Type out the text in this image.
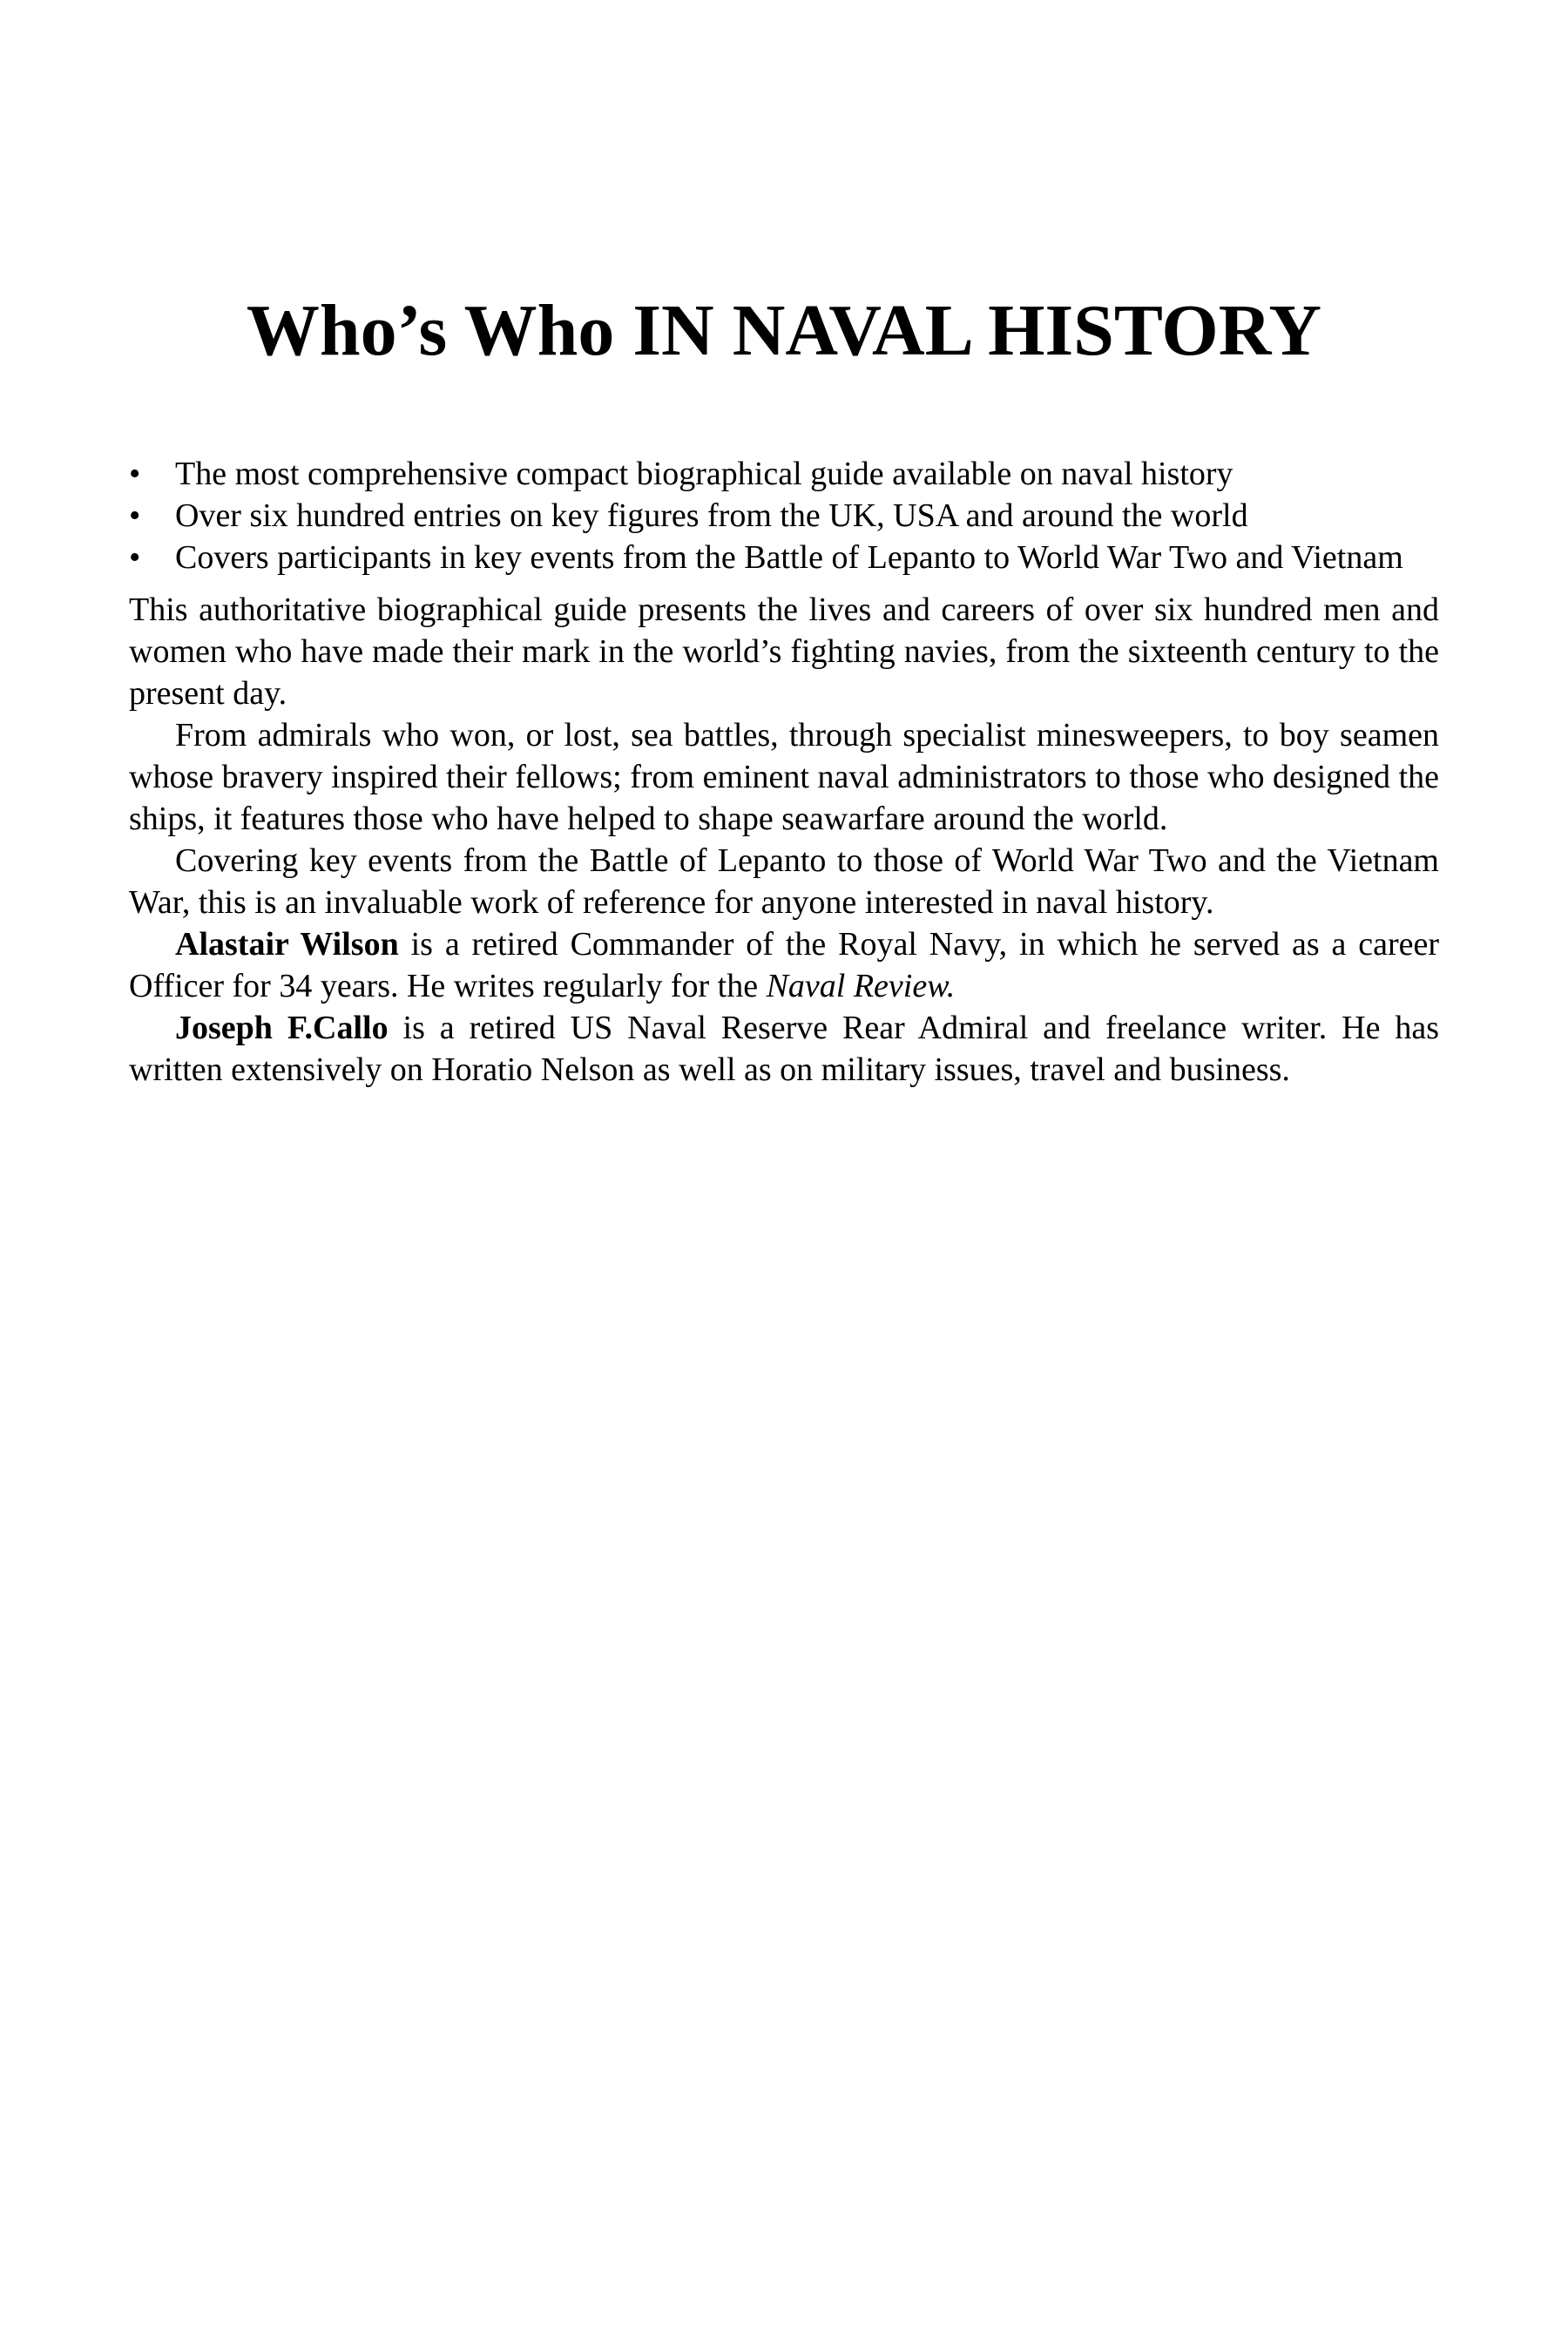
Who’s Who IN NAVAL HISTORY
•	The most comprehensive compact biographical guide available on naval history
•	Over six hundred entries on key figures from the UK, USA and around the world
•	Covers participants in key events from the Battle of Lepanto to World War Two and Vietnam

This authoritative biographical guide presents the lives and careers of over six hundred men and women who have made their mark in the world’s fighting navies, from the sixteenth century to the present day.

From admirals who won, or lost, sea battles, through specialist minesweepers, to boy seamen whose bravery inspired their fellows; from eminent naval administrators to those who designed the ships, it features those who have helped to shape seawarfare around the world.

Covering key events from the Battle of Lepanto to those of World War Two and the Vietnam War, this is an invaluable work of reference for anyone interested in naval history.

Alastair Wilson is a retired Commander of the Royal Navy, in which he served as a career Officer for 34 years. He writes regularly for the Naval Review.

Joseph F.Callo is a retired US Naval Reserve Rear Admiral and freelance writer. He has written extensively on Horatio Nelson as well as on military issues, travel and business.
